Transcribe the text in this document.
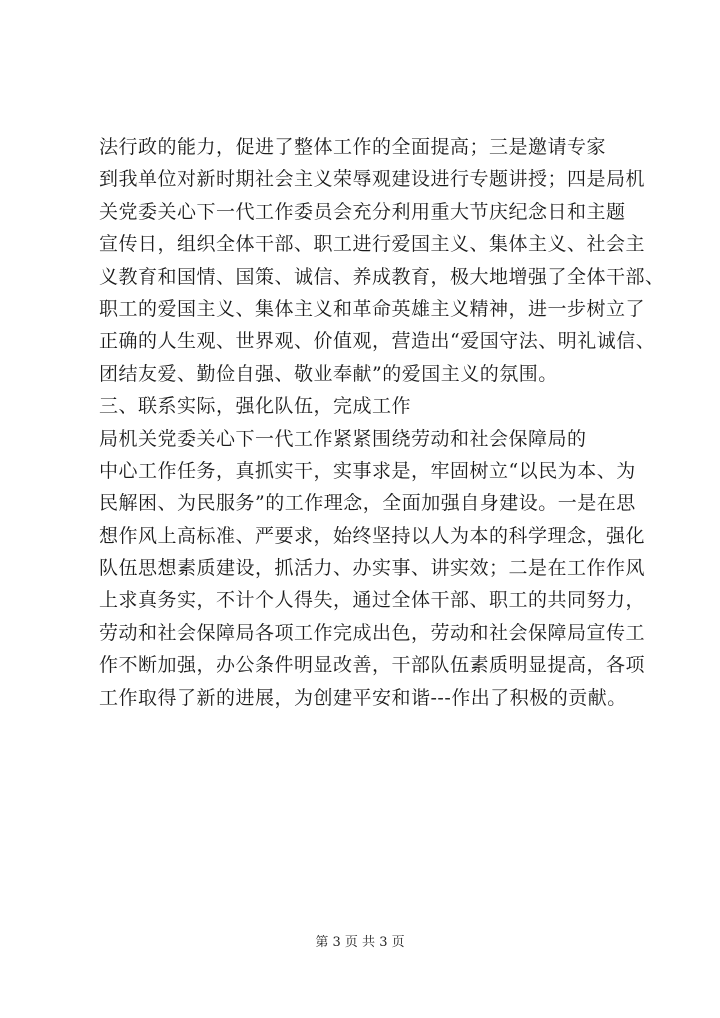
法行政的能力，促进了整体工作的全面提高；三是邀请专家
到我单位对新时期社会主义荣辱观建设进行专题讲授；四是局机
关党委关心下一代工作委员会充分利用重大节庆纪念日和主题
宣传日，组织全体干部、职工进行爱国主义、集体主义、社会主
义教育和国情、国策、诚信、养成教育，极大地增强了全体干部、
职工的爱国主义、集体主义和革命英雄主义精神，进一步树立了
正确的人生观、世界观、价值观，营造出“爱国守法、明礼诚信、
团结友爱、勤俭自强、敬业奉献”的爱国主义的氛围。
三、联系实际，强化队伍，完成工作
局机关党委关心下一代工作紧紧围绕劳动和社会保障局的
中心工作任务，真抓实干，实事求是，牢固树立“以民为本、为
民解困、为民服务”的工作理念，全面加强自身建设。一是在思
想作风上高标准、严要求，始终坚持以人为本的科学理念，强化
队伍思想素质建设，抓活力、办实事、讲实效；二是在工作作风
上求真务实，不计个人得失，通过全体干部、职工的共同努力，
劳动和社会保障局各项工作完成出色，劳动和社会保障局宣传工
作不断加强，办公条件明显改善，干部队伍素质明显提高，各项
工作取得了新的进展，为创建平安和谐---作出了积极的贡献。
第 3 页 共 3 页
